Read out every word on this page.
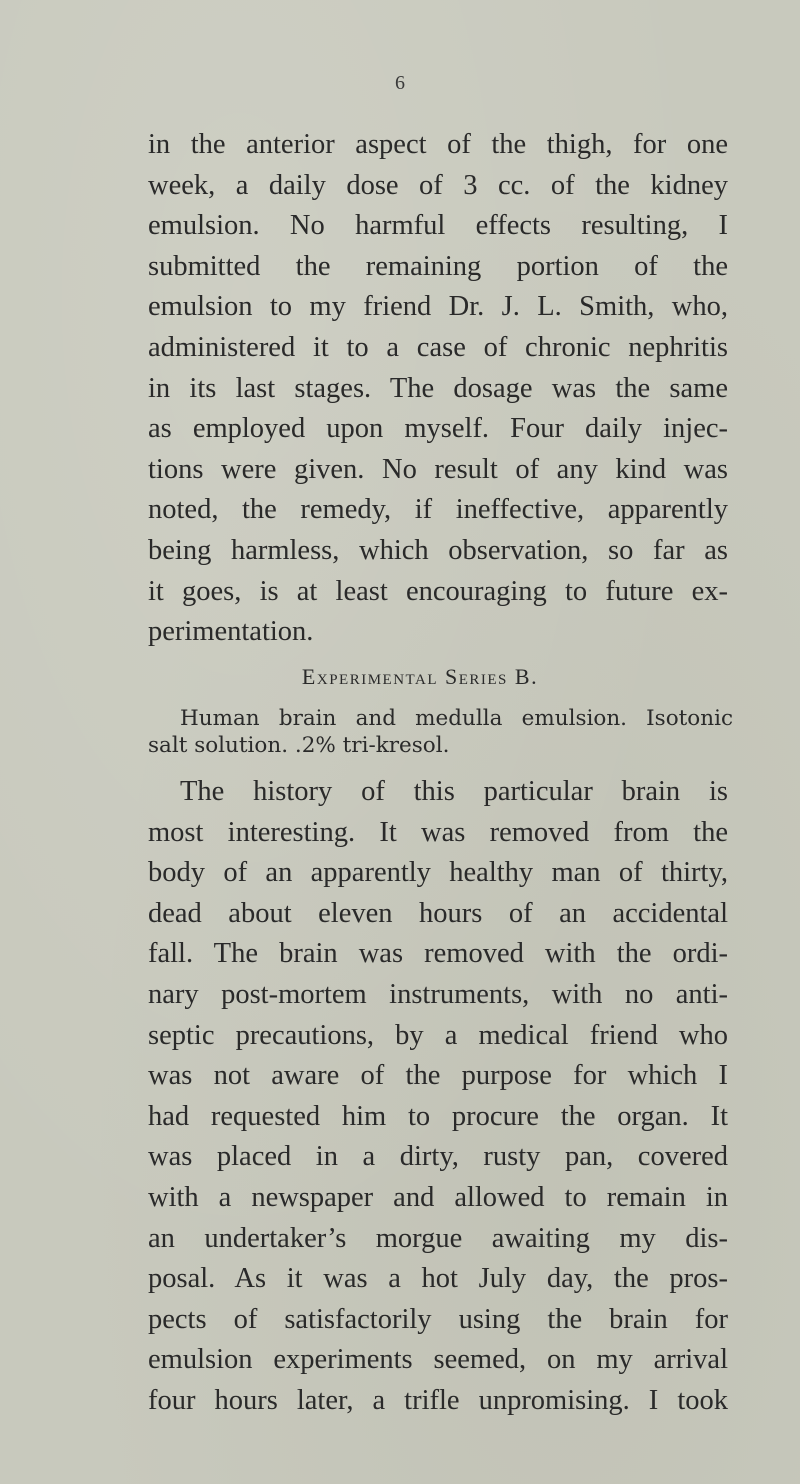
6
in the anterior aspect of the thigh, for one
week, a daily dose of 3 cc. of the kidney
emulsion. No harmful effects resulting, I
submitted the remaining portion of the
emulsion to my friend Dr. J. L. Smith, who,
administered it to a case of chronic nephritis
in its last stages. The dosage was the same
as employed upon myself. Four daily injec-
tions were given. No result of any kind was
noted, the remedy, if ineffective, apparently
being harmless, which observation, so far as
it goes, is at least encouraging to future ex-
perimentation.
Experimental Series B.
Human brain and medulla emulsion. Isotonic
salt solution. .2% tri-kresol.
The history of this particular brain is
most interesting. It was removed from the
body of an apparently healthy man of thirty,
dead about eleven hours of an accidental
fall. The brain was removed with the ordi-
nary post-mortem instruments, with no anti-
septic precautions, by a medical friend who
was not aware of the purpose for which I
had requested him to procure the organ. It
was placed in a dirty, rusty pan, covered
with a newspaper and allowed to remain in
an undertaker’s morgue awaiting my dis-
posal. As it was a hot July day, the pros-
pects of satisfactorily using the brain for
emulsion experiments seemed, on my arrival
four hours later, a trifle unpromising. I took
